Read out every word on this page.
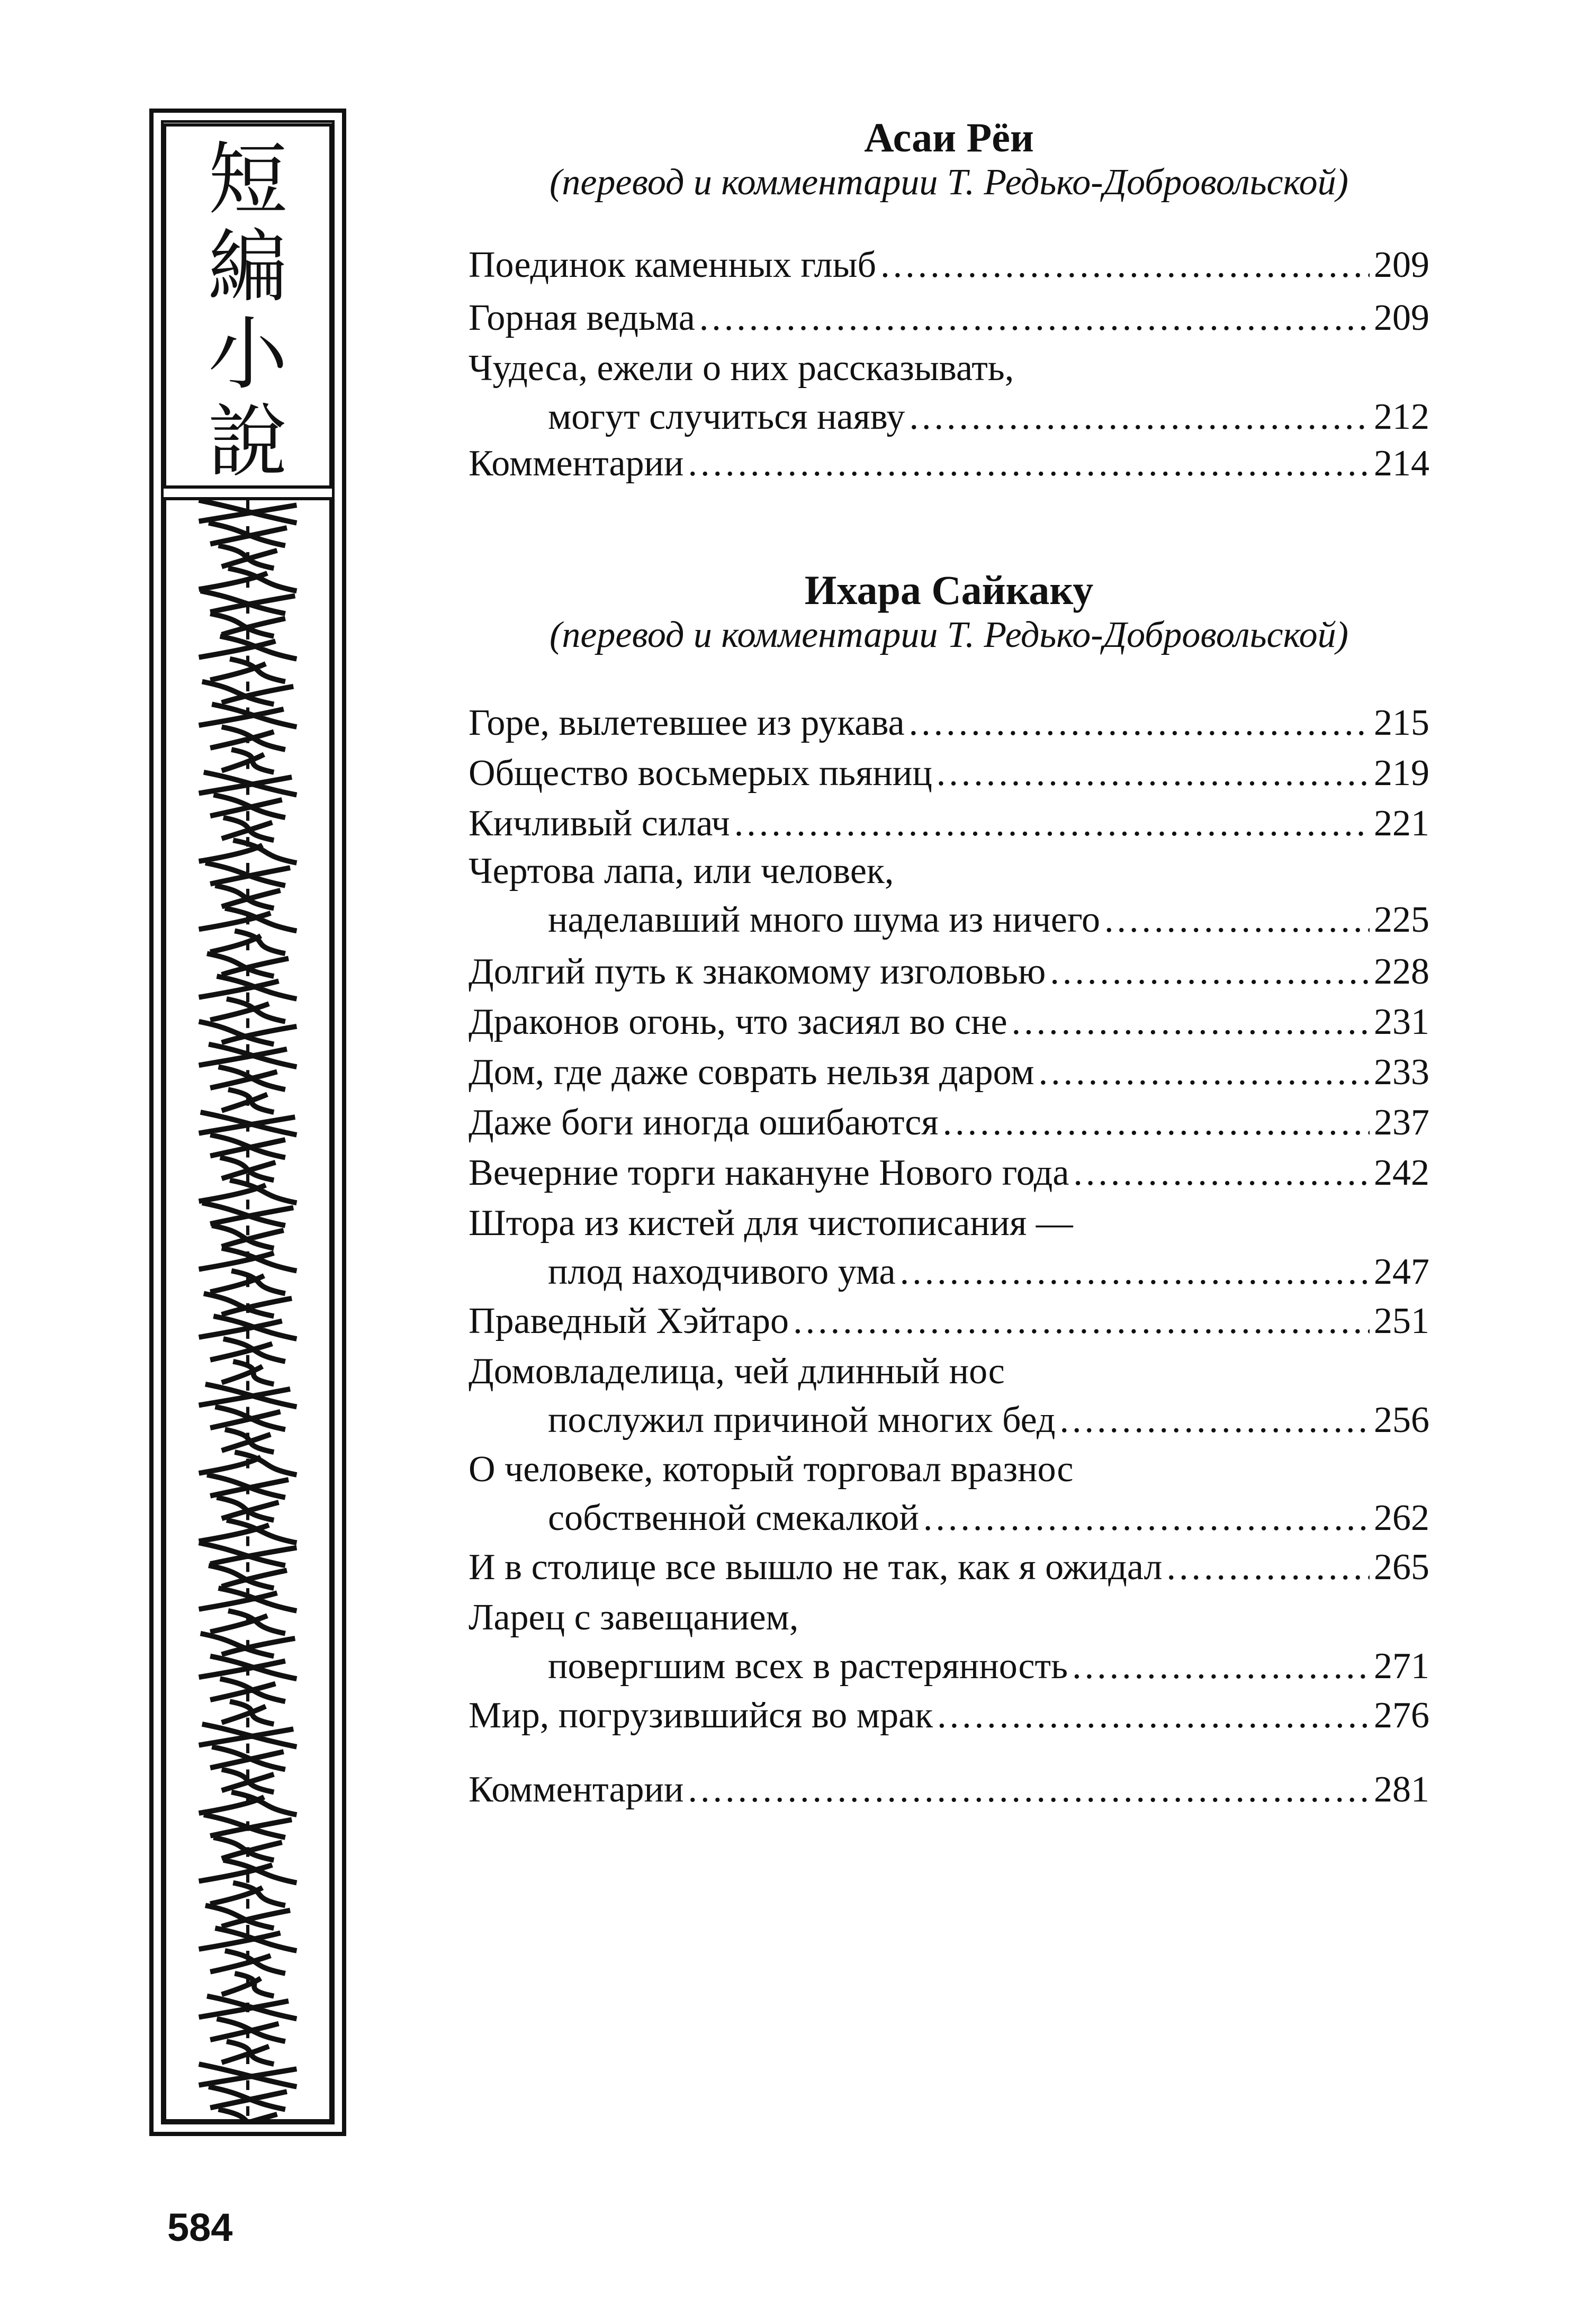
短
編
小
說
Асаи Рёи
(перевод и комментарии Т. Редько-Добровольской)
Поединок каменных глыб .....	209
Горная ведьма .....	209
Чудеса, ежели о них рассказывать,
могут случиться наяву .....	212
Комментарии .....	214
Ихара Сайкаку
(перевод и комментарии Т. Редько-Добровольской)
Горе, вылетевшее из рукава .....	215
Общество восьмерых пьяниц .....	219
Кичливый силач .....	221
Чертова лапа, или человек,
наделавший много шума из ничего .....	225
Долгий путь к знакомому изголовью .....	228
Драконов огонь, что засиял во сне .....	231
Дом, где даже соврать нельзя даром .....	233
Даже боги иногда ошибаются .....	237
Вечерние торги накануне Нового года .....	242
Штора из кистей для чистописания —
плод находчивого ума .....	247
Праведный Хэйтаро .....	251
Домовладелица, чей длинный нос
послужил причиной многих бед .....	256
О человеке, который торговал вразнос
собственной смекалкой .....	262
И в столице все вышло не так, как я ожидал .....	265
Ларец с завещанием,
повергшим всех в растерянность .....	271
Мир, погрузившийся во мрак .....	276
Комментарии .....	281
584
